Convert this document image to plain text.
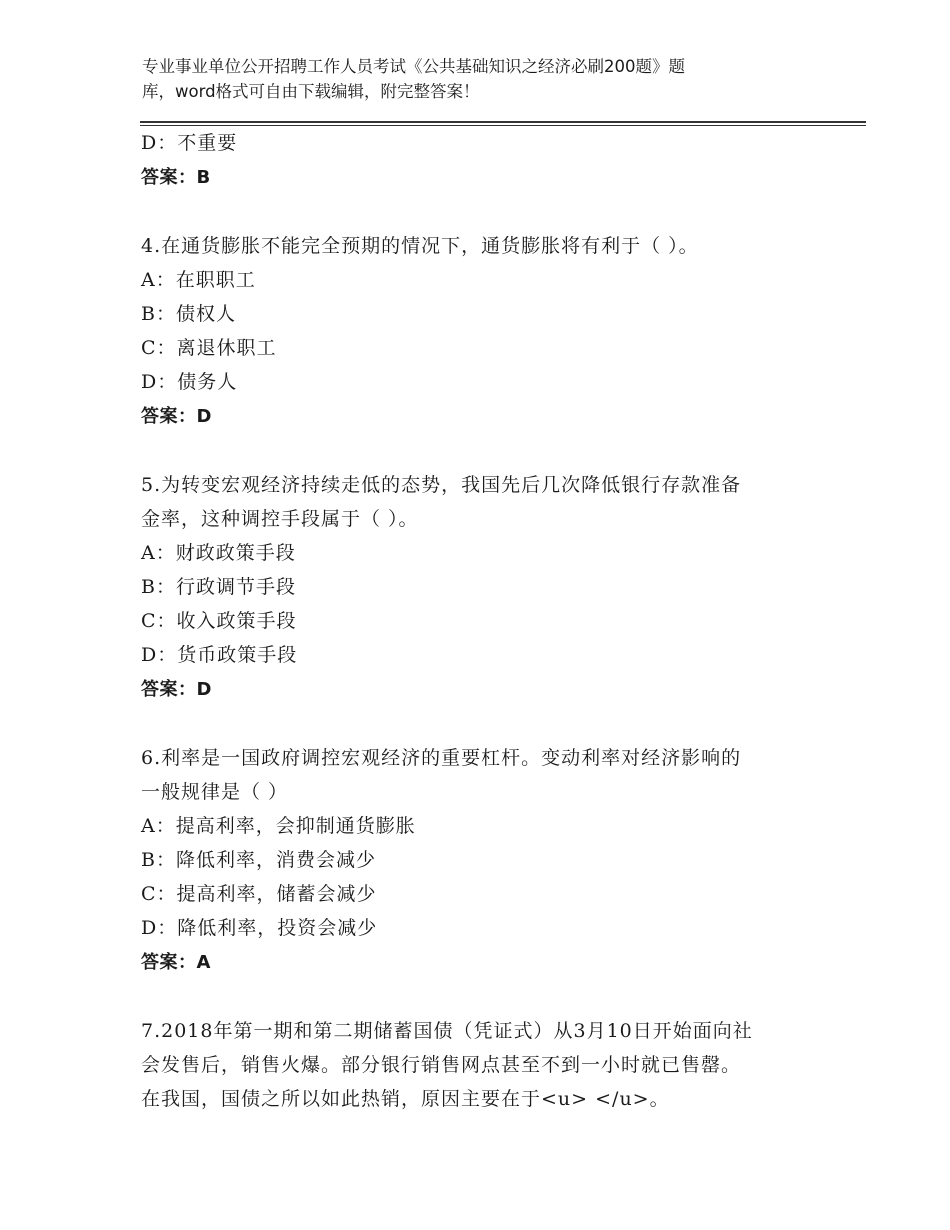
专业事业单位公开招聘工作人员考试《公共基础知识之经济必刷200题》题
库，word格式可自由下载编辑，附完整答案！
D：不重要
答案：B
4.在通货膨胀不能完全预期的情况下，通货膨胀将有利于（ ）。
A：在职职工
B：债权人
C：离退休职工
D：债务人
答案：D
5.为转变宏观经济持续走低的态势，我国先后几次降低银行存款准备
金率，这种调控手段属于（ ）。
A：财政政策手段
B：行政调节手段
C：收入政策手段
D：货币政策手段
答案：D
6.利率是一国政府调控宏观经济的重要杠杆。变动利率对经济影响的
一般规律是（ ）
A：提高利率，会抑制通货膨胀
B：降低利率，消费会减少
C：提高利率，储蓄会减少
D：降低利率，投资会减少
答案：A
7.2018年第一期和第二期储蓄国债（凭证式）从3月10日开始面向社
会发售后，销售火爆。部分银行销售网点甚至不到一小时就已售罄。
在我国，国债之所以如此热销，原因主要在于<u> </u>。
